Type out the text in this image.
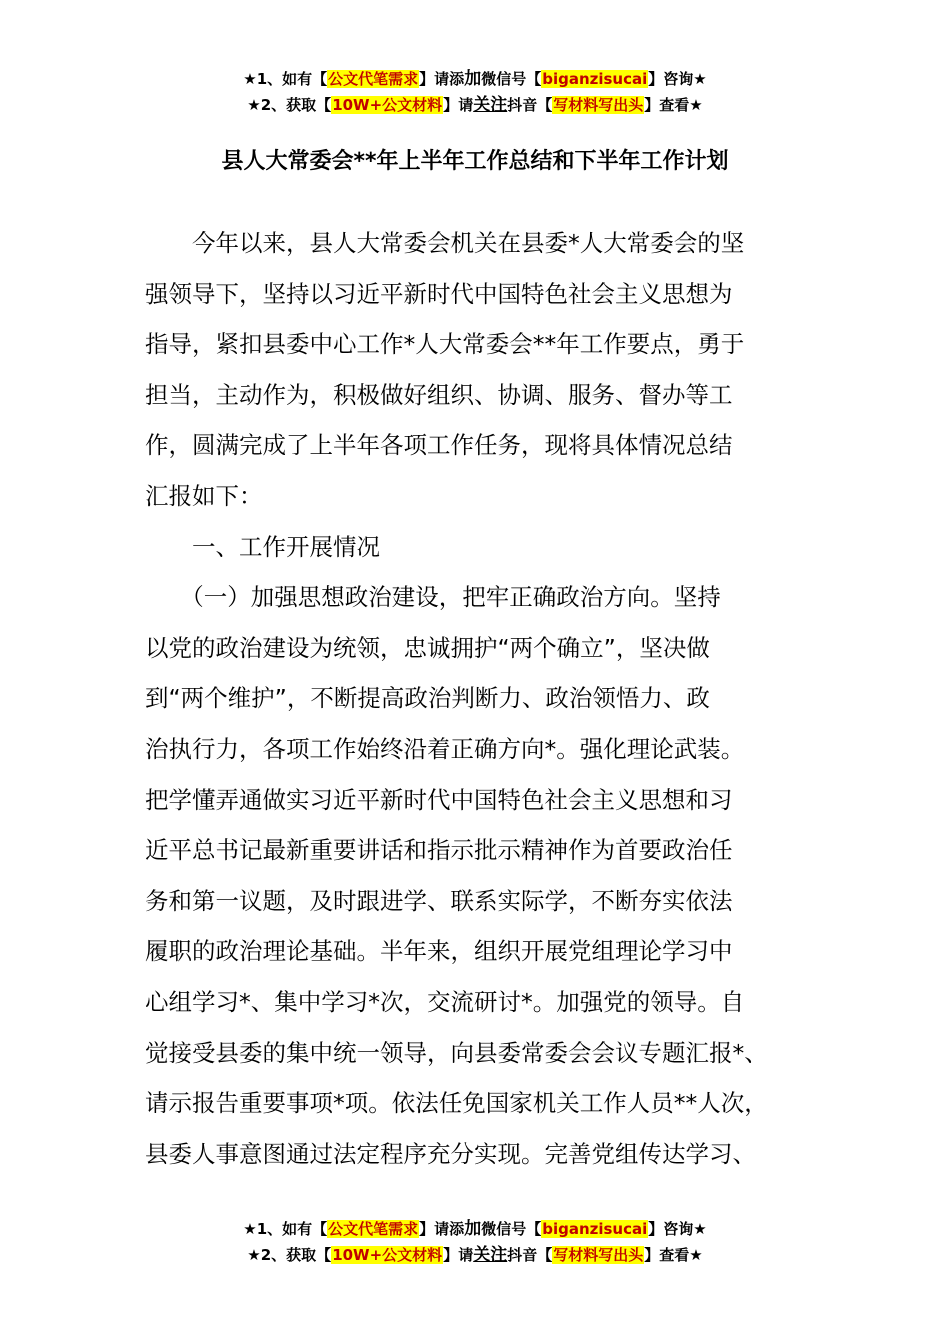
★1、如有【公文代笔需求】请添加微信号【biganzisucai】咨询★
★2、获取【10W+公文材料】请关注抖音【写材料写出头】查看★
县人大常委会**年上半年工作总结和下半年工作计划

　　今年以来，县人大常委会机关在县委*人大常委会的坚
强领导下，坚持以习近平新时代中国特色社会主义思想为
指导，紧扣县委中心工作*人大常委会**年工作要点，勇于
担当，主动作为，积极做好组织、协调、服务、督办等工
作，圆满完成了上半年各项工作任务，现将具体情况总结
汇报如下：

　　一、工作开展情况

　　（一）加强思想政治建设，把牢正确政治方向。坚持
以党的政治建设为统领，忠诚拥护“两个确立”，坚决做
到“两个维护”，不断提高政治判断力、政治领悟力、政
治执行力，各项工作始终沿着正确方向*。强化理论武装。
把学懂弄通做实习近平新时代中国特色社会主义思想和习
近平总书记最新重要讲话和指示批示精神作为首要政治任
务和第一议题，及时跟进学、联系实际学，不断夯实依法
履职的政治理论基础。半年来，组织开展党组理论学习中
心组学习*、集中学习*次，交流研讨*。加强党的领导。自
觉接受县委的集中统一领导，向县委常委会会议专题汇报*、
请示报告重要事项*项。依法任免国家机关工作人员**人次，
县委人事意图通过法定程序充分实现。完善党组传达学习、

★1、如有【公文代笔需求】请添加微信号【biganzisucai】咨询★
★2、获取【10W+公文材料】请关注抖音【写材料写出头】查看★
